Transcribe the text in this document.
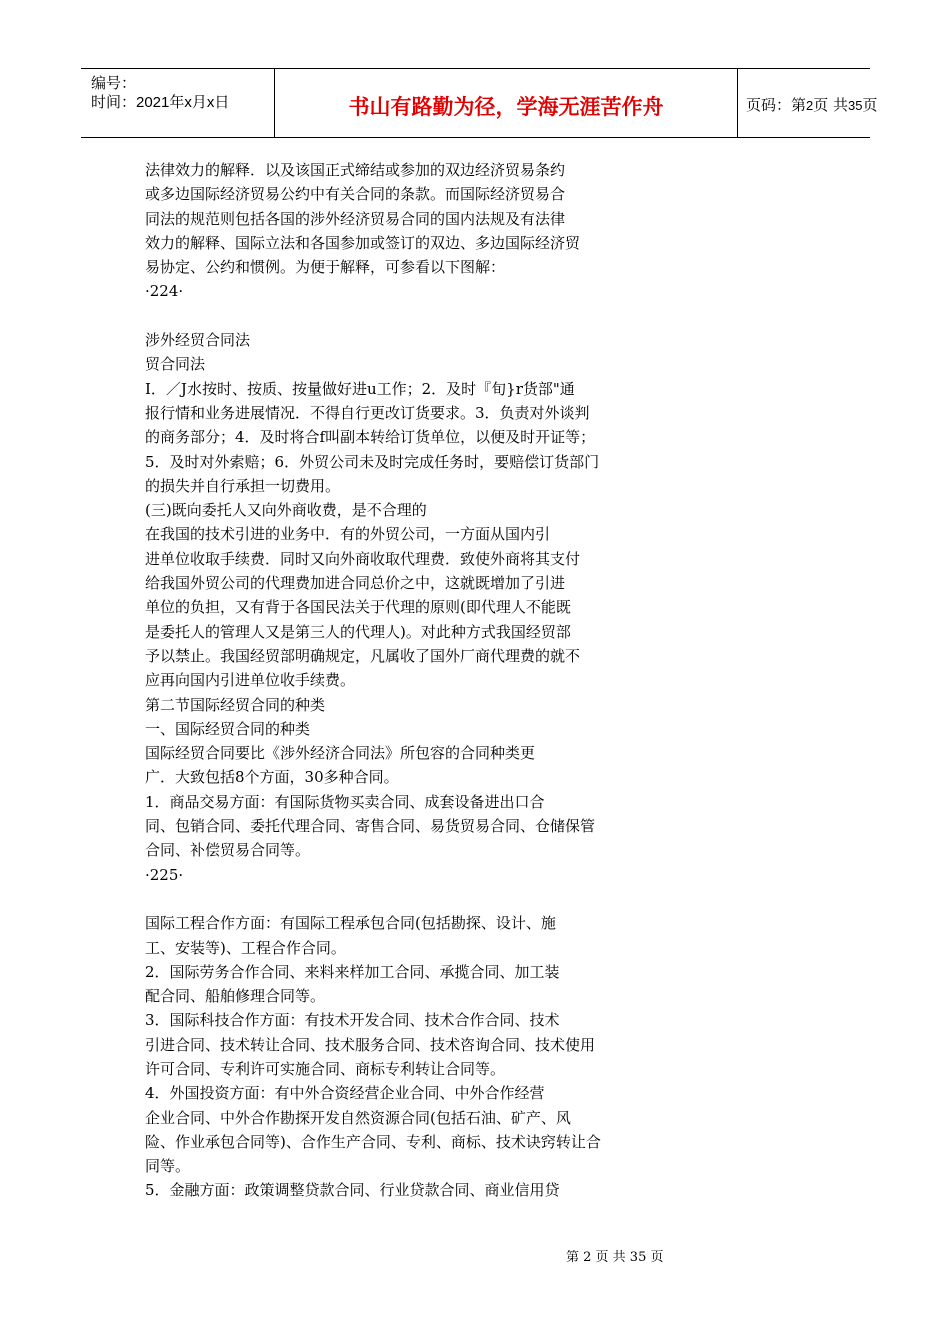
编号：
时间：2021年x月x日	书山有路勤为径，学海无涯苦作舟	页码：第2页 共35页
法律效力的解释．以及该国正式缔结或参加的双边经济贸易条约
或多边国际经济贸易公约中有关合同的条款。而国际经济贸易合
同法的规范则包括各国的涉外经济贸易合同的国内法规及有法律
效力的解释、国际立法和各国参加或签订的双边、多边国际经济贸
易协定、公约和惯例。为便于解释，可参看以下图解：
·224·
涉外经贸合同法
贸合同法
I．／J水按时、按质、按量做好进u工作；2．及时『旬}r货部"通
报行情和业务进展情况．不得自行更改订货要求。3．负责对外谈判
的商务部分；4．及时将合f叫副本转给订货单位，以便及时开证等；
5．及时对外索赔；6．外贸公司未及时完成任务时，要赔偿订货部门
的损失并自行承担一切费用。
(三)既向委托人又向外商收费，是不合理的
在我国的技术引进的业务中．有的外贸公司，一方面从国内引
进单位收取手续费．同时又向外商收取代理费．致使外商将其支付
给我国外贸公司的代理费加进合同总价之中，这就既增加了引进
单位的负担，又有背于各国民法关于代理的原则(即代理人不能既
是委托人的管理人又是第三人的代理人)。对此种方式我国经贸部
予以禁止。我国经贸部明确规定，凡属收了国外厂商代理费的就不
应再向国内引进单位收手续费。
第二节国际经贸合同的种类
一、国际经贸合同的种类
国际经贸合同要比《涉外经济合同法》所包容的合同种类更
广．大致包括8个方面，30多种合同。
1．商品交易方面：有国际货物买卖合同、成套设备进出口合
同、包销合同、委托代理合同、寄售合同、易货贸易合同、仓储保管
合同、补偿贸易合同等。
·225·
国际工程合作方面：有国际工程承包合同(包括勘探、设计、施
工、安装等)、工程合作合同。
2．国际劳务合作合同、来料来样加工合同、承揽合同、加工装
配合同、船舶修理合同等。
3．国际科技合作方面：有技术开发合同、技术合作合同、技术
引进合同、技术转让合同、技术服务合同、技术咨询合同、技术使用
许可合同、专利许可实施合同、商标专利转让合同等。
4．外国投资方面：有中外合资经营企业合同、中外合作经营
企业合同、中外合作勘探开发自然资源合同(包括石油、矿产、风
险、作业承包合同等)、合作生产合同、专利、商标、技术诀窍转让合
同等。
5．金融方面：政策调整贷款合同、行业贷款合同、商业信用贷
第 2 页 共 35 页
